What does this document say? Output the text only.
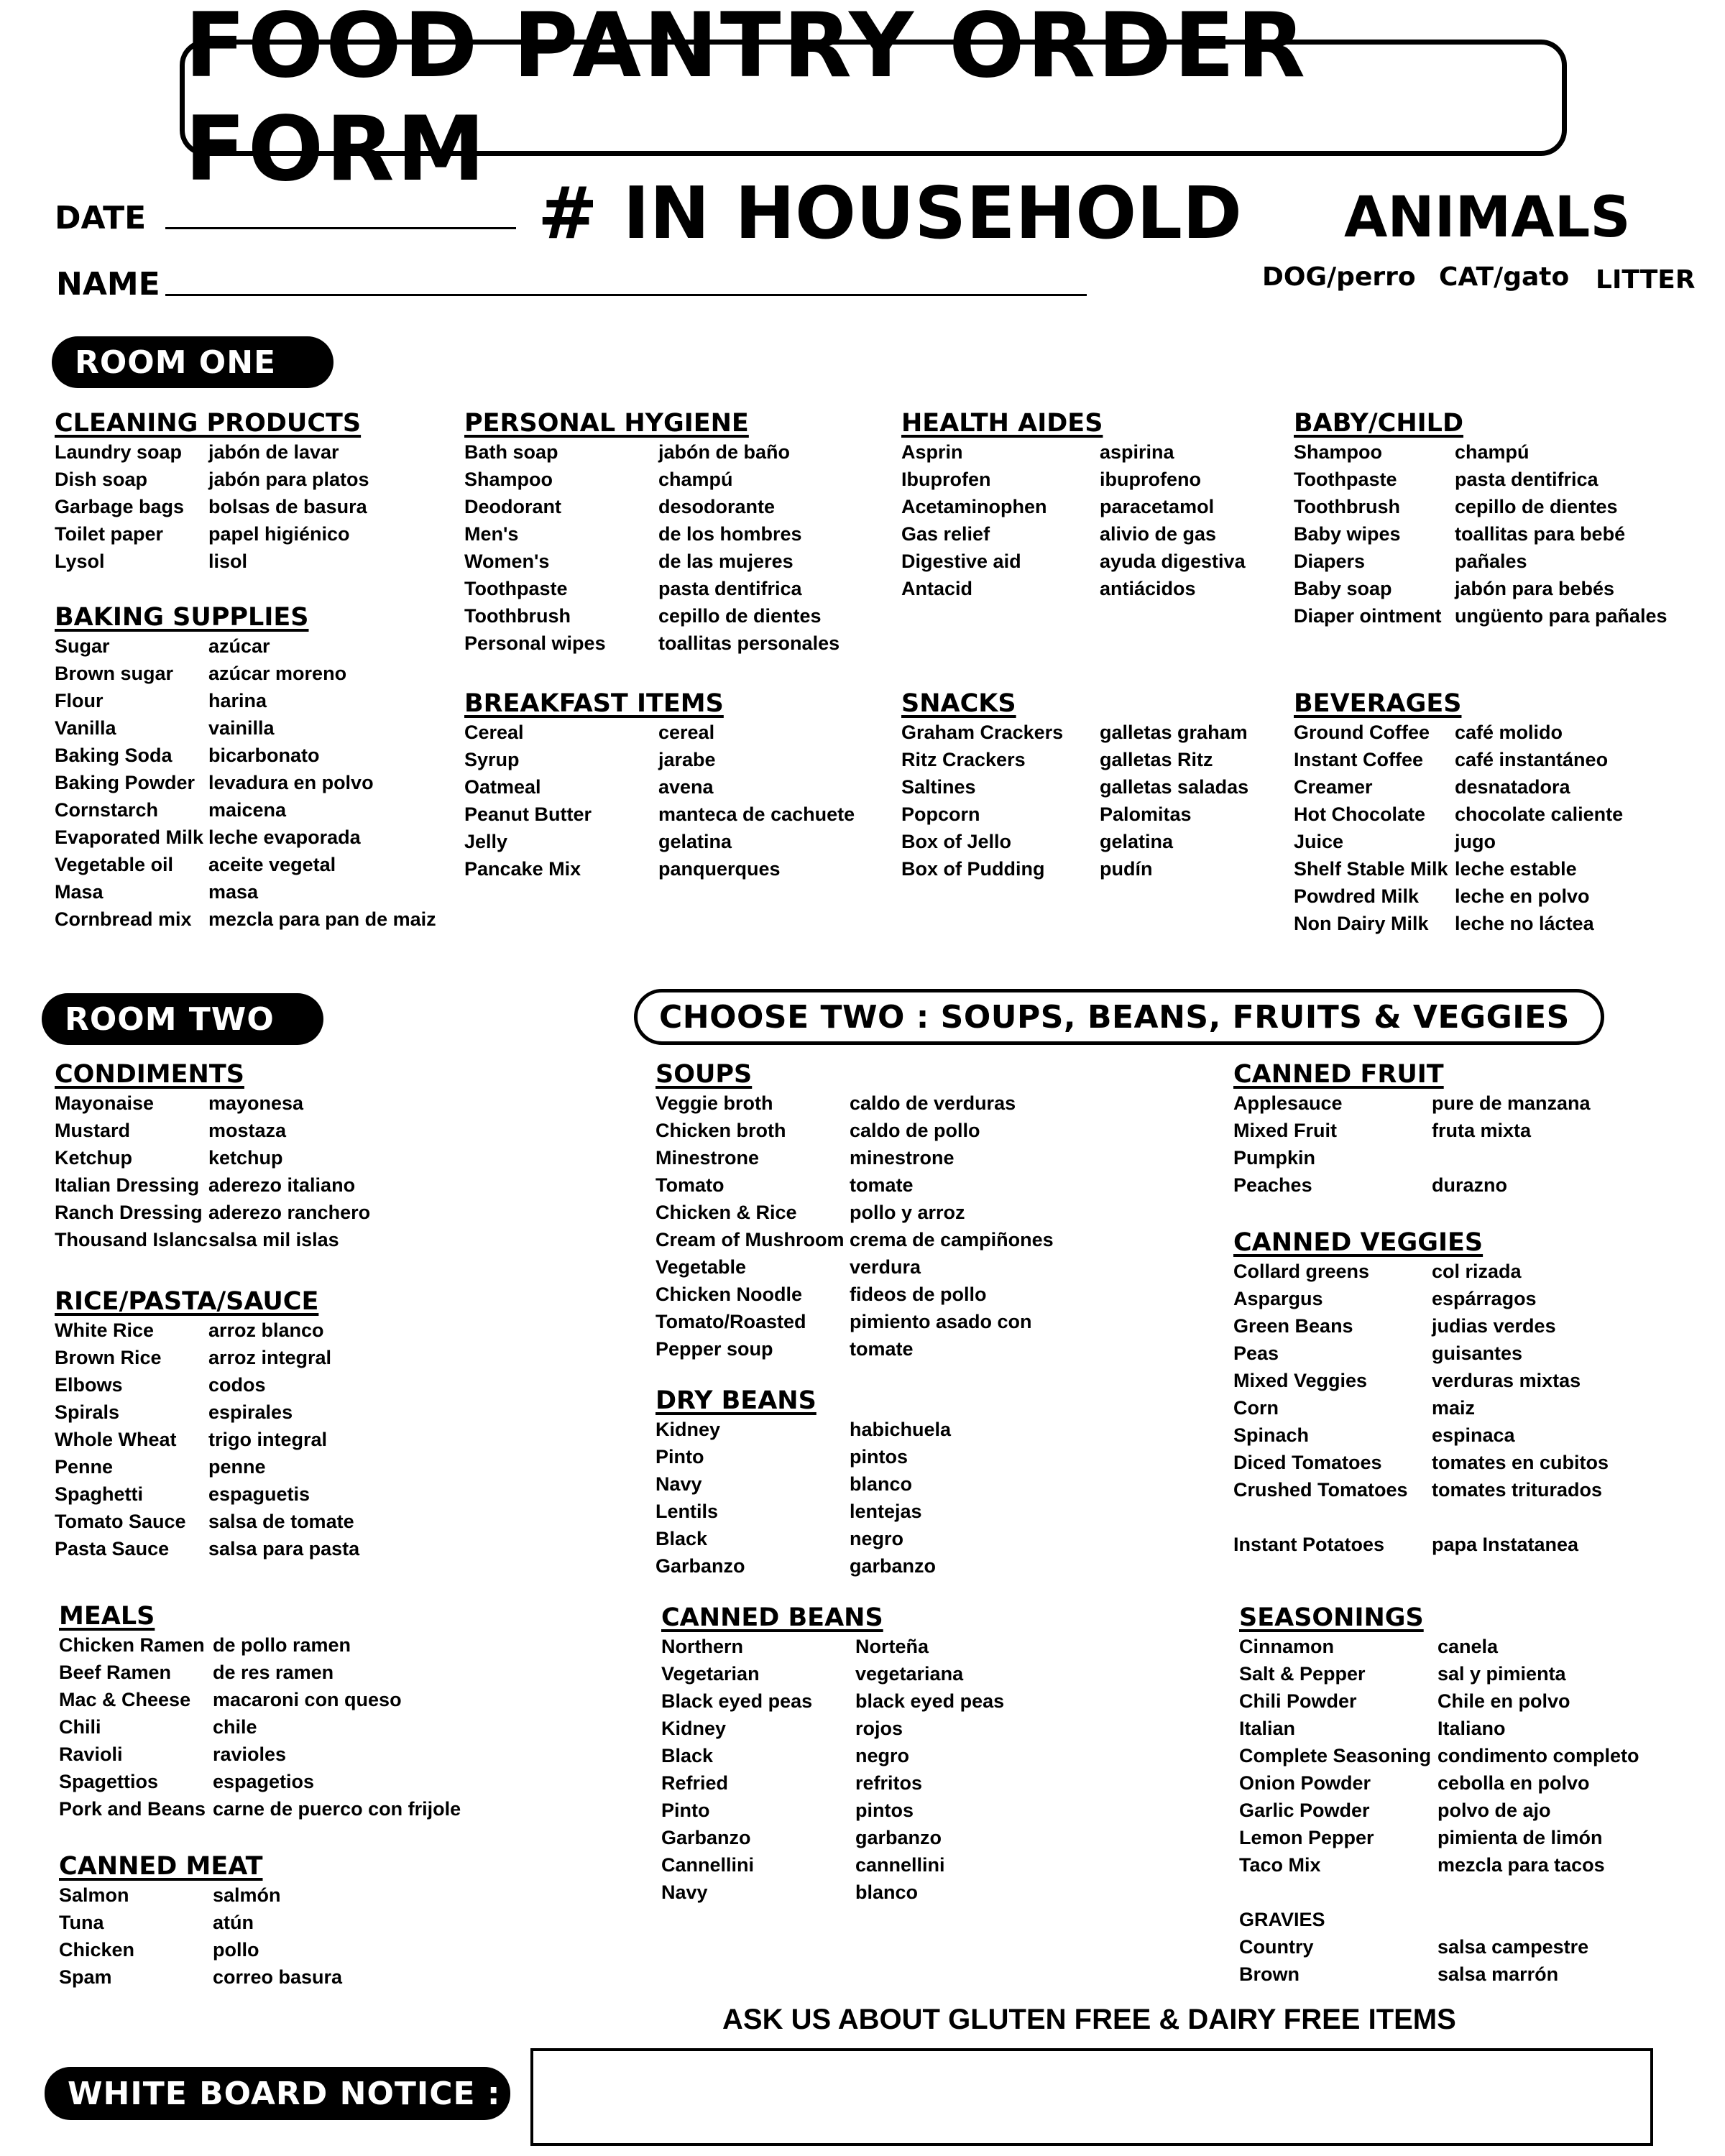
FOOD PANTRY ORDER FORM
DATE
NAME
# IN HOUSEHOLD ANIMALS
DOG/perro CAT/gato LITTER
ROOM ONE
ROOM TWO	CHOOSE TWO : SOUPS, BEANS, FRUITS & VEGGIES
CLEANING PRODUCTS
Laundry soap jabón de lavar
Dish soap	jabón para platos
Garbage bags bolsas de basura
Toilet paper papel higiénico
Lysol	lisol
BAKING SUPPLIES
Sugar	azúcar
Brown sugar azúcar moreno
Flour	harina
Vanilla	vainilla
Baking Soda bicarbonato
Baking Powder levadura en polvo
Cornstarch	maicena
Evaporated Milk leche evaporada
Vegetable oil aceite vegetal
Masa	masa
Cornbread mix mezcla para pan de maiz
PERSONAL HYGIENE
Bath soap	jabón de baño
Shampoo	champú
Deodorant	desodorante
Men's	de los hombres
Women's	de las mujeres
Toothpaste	pasta dentifrica
Toothbrush	cepillo de dientes
Personal wipes	toallitas personales
BREAKFAST ITEMS
Cereal	cereal
Syrup	jarabe
Oatmeal	avena
Peanut Butter	manteca de cachuete
Jelly	gelatina
Pancake Mix	panquerques
HEALTH AIDES
Asprin	aspirina
Ibuprofen	ibuprofeno
Acetaminophen	paracetamol
Gas relief	alivio de gas
Digestive aid	ayuda digestiva
Antacid	antiácidos
SNACKS
Graham Crackers galletas graham
Ritz Crackers	galletas Ritz
Saltines	galletas saladas
Popcorn	Palomitas
Box of Jello	gelatina
Box of Pudding	pudín
BABY/CHILD
Shampoo	champú
Toothpaste	pasta dentifrica
Toothbrush	cepillo de dientes
Baby wipes	toallitas para bebé
Diapers	pañales
Baby soap	jabón para bebés
Diaper ointment ungüento para pañales
BEVERAGES
Ground Coffee café molido
Instant Coffee café instantáneo
Creamer	desnatadora
Hot Chocolate chocolate caliente
Juice	jugo
Shelf Stable Milk leche estable
Powdred Milk leche en polvo
Non Dairy Milk leche no láctea
CONDIMENTS
Mayonaise	mayonesa
Mustard	mostaza
Ketchup	ketchup
Italian Dressing aderezo italiano
Ranch Dressing aderezo ranchero
Thousand Islanc salsa mil islas
RICE/PASTA/SAUCE
White Rice	arroz blanco
Brown Rice arroz integral
Elbows	codos
Spirals	espirales
Whole Wheat trigo integral
Penne	penne
Spaghetti	espaguetis
Tomato Sauce salsa de tomate
Pasta Sauce salsa para pasta
MEALS
Chicken Ramen de pollo ramen
Beef Ramen de res ramen
Mac & Cheese macaroni con queso
Chili	chile
Ravioli	ravioles
Spagettios	espagetios
Pork and Beans carne de puerco con frijole
CANNED MEAT
Salmon	salmón
Tuna	atún
Chicken	pollo
Spam	correo basura
SOUPS
Veggie broth	caldo de verduras
Chicken broth	caldo de pollo
Minestrone	minestrone
Tomato	tomate
Chicken & Rice	pollo y arroz
Cream of Mushroom crema de campiñones
Vegetable	verdura
Chicken Noodle fideos de pollo
Tomato/Roasted pimiento asado con
Pepper soup	tomate
DRY BEANS
Kidney	habichuela
Pinto	pintos
Navy	blanco
Lentils	lentejas
Black	negro
Garbanzo	garbanzo
CANNED BEANS
Northern	Norteña
Vegetarian	vegetariana
Black eyed peas black eyed peas
Kidney	rojos
Black	negro
Refried	refritos
Pinto	pintos
Garbanzo	garbanzo
Cannellini	cannellini
Navy	blanco
CANNED FRUIT
Applesauce	pure de manzana
Mixed Fruit	fruta mixta
Pumpkin
Peaches	durazno
CANNED VEGGIES
Collard greens	col rizada
Aspargus	espárragos
Green Beans	judias verdes
Peas	guisantes
Mixed Veggies	verduras mixtas
Corn	maiz
Spinach	espinaca
Diced Tomatoes	tomates en cubitos
Crushed Tomatoes tomates triturados
Instant Potatoes papa Instatanea
SEASONINGS
Cinnamon	canela
Salt & Pepper	sal y pimienta
Chili Powder	Chile en polvo
Italian	Italiano
Complete Seasoning condimento completo
Onion Powder	cebolla en polvo
Garlic Powder	polvo de ajo
Lemon Pepper	pimienta de limón
Taco Mix	mezcla para tacos
GRAVIES
Country	salsa campestre
Brown	salsa marrón
ASK US ABOUT GLUTEN FREE & DAIRY FREE ITEMS
WHITE BOARD NOTICE :
